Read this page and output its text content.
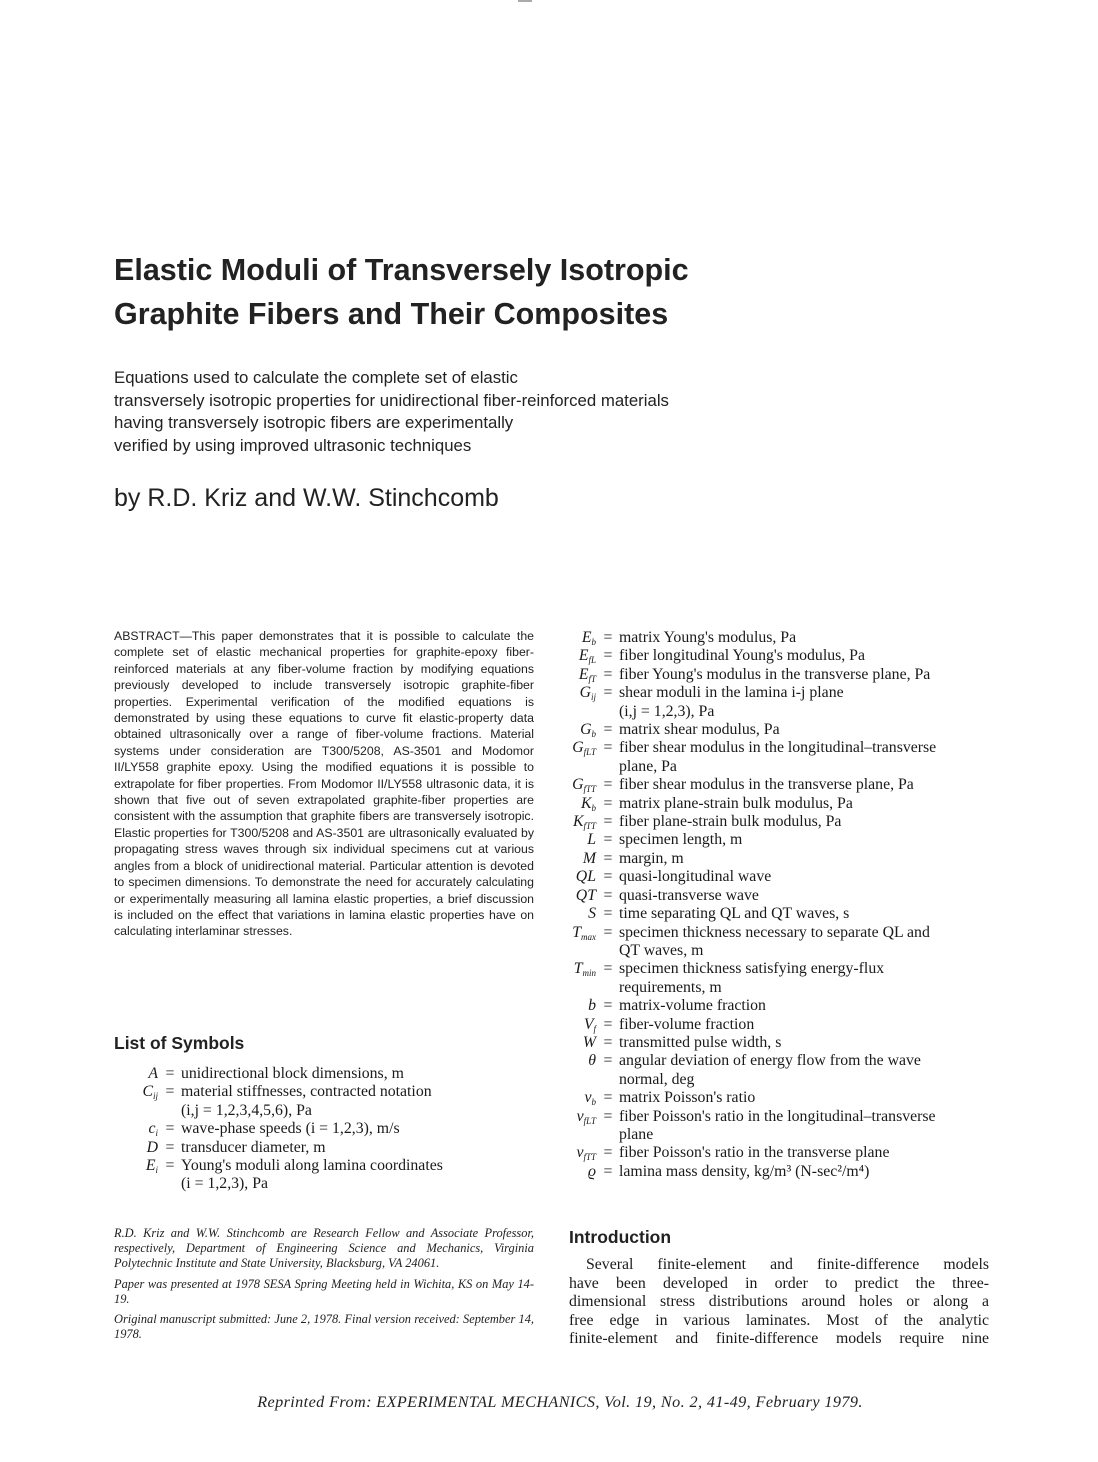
Elastic Moduli of Transversely Isotropic
Graphite Fibers and Their Composites
Equations used to calculate the complete set of elastic
transversely isotropic properties for unidirectional fiber-reinforced materials
having transversely isotropic fibers are experimentally
verified by using improved ultrasonic techniques
by R.D. Kriz and W.W. Stinchcomb
ABSTRACT—This paper demonstrates that it is possible to calculate the complete set of elastic mechanical properties for graphite-epoxy fiber-reinforced materials at any fiber-volume fraction by modifying equations previously developed to include transversely isotropic graphite-fiber properties. Experimental verification of the modified equations is demonstrated by using these equations to curve fit elastic-property data obtained ultrasonically over a range of fiber-volume fractions. Material systems under consideration are T300/5208, AS-3501 and Modomor II/LY558 graphite epoxy. Using the modified equations it is possible to extrapolate for fiber properties. From Modomor II/LY558 ultrasonic data, it is shown that five out of seven extrapolated graphite-fiber properties are consistent with the assumption that graphite fibers are transversely isotropic. Elastic properties for T300/5208 and AS-3501 are ultrasonically evaluated by propagating stress waves through six individual specimens cut at various angles from a block of unidirectional material. Particular attention is devoted to specimen dimensions. To demonstrate the need for accurately calculating or experimentally measuring all lamina elastic properties, a brief discussion is included on the effect that variations in lamina elastic properties have on calculating interlaminar stresses.
List of Symbols
A = unidirectional block dimensions, m
$C_{ij}$ = material stiffnesses, contracted notation
(i,j = 1,2,3,4,5,6), Pa
$c_i$ = wave-phase speeds (i = 1,2,3), m/s
D = transducer diameter, m
$E_i$ = Young's moduli along lamina coordinates
(i = 1,2,3), Pa
$E_b$ = matrix Young's modulus, Pa
$E_{fL}$ = fiber longitudinal Young's modulus, Pa
$E_{fT}$ = fiber Young's modulus in the transverse plane, Pa
$G_{ij}$ = shear moduli in the lamina i-j plane
(i,j = 1,2,3), Pa
$G_b$ = matrix shear modulus, Pa
$G_{fLT}$ = fiber shear modulus in the longitudinal–transverse
plane, Pa
$G_{fTT}$ = fiber shear modulus in the transverse plane, Pa
$K_b$ = matrix plane-strain bulk modulus, Pa
$K_{fTT}$ = fiber plane-strain bulk modulus, Pa
L = specimen length, m
M = margin, m
QL = quasi-longitudinal wave
QT = quasi-transverse wave
S = time separating QL and QT waves, s
$T_{max}$ = specimen thickness necessary to separate QL and
QT waves, m
$T_{min}$ = specimen thickness satisfying energy-flux
requirements, m
b = matrix-volume fraction
$V_f$ = fiber-volume fraction
W = transmitted pulse width, s
θ = angular deviation of energy flow from the wave
normal, deg
$\nu_b$ = matrix Poisson's ratio
$\nu_{fLT}$ = fiber Poisson's ratio in the longitudinal–transverse
plane
$\nu_{fTT}$ = fiber Poisson's ratio in the transverse plane
ϱ = lamina mass density, kg/m³ (N-sec²/m⁴)

R.D. Kriz and W.W. Stinchcomb are Research Fellow and Associate Professor, respectively, Department of Engineering Science and Mechanics, Virginia Polytechnic Institute and State University, Blacksburg, VA 24061.

Paper was presented at 1978 SESA Spring Meeting held in Wichita, KS on May 14-19.

Original manuscript submitted: June 2, 1978. Final version received: September 14, 1978.

Introduction
Several finite-element and finite-difference models
have been developed in order to predict the three-
dimensional stress distributions around holes or along a
free edge in various laminates. Most of the analytic
finite-element and finite-difference models require nine
Reprinted From: EXPERIMENTAL MECHANICS, Vol. 19, No. 2, 41-49, February 1979.
